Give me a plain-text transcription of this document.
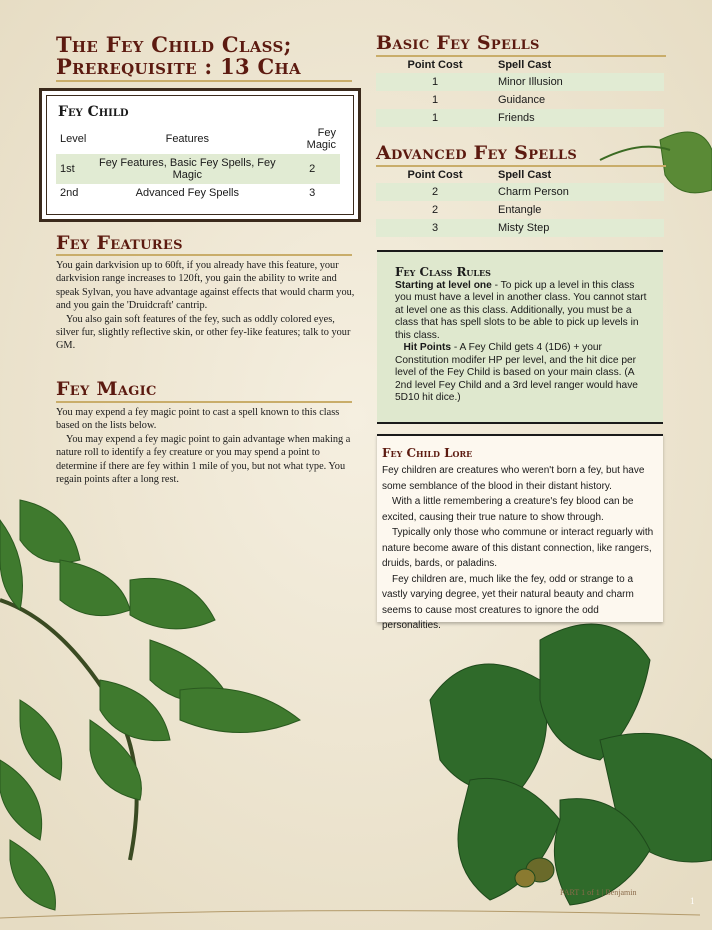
The Fey Child Class;
Prerequisite : 13 Cha
Fey Child
Level	Features	Fey Magic
1st	Fey Features, Basic Fey Spells, Fey Magic	2
2nd	Advanced Fey Spells	3
Fey Features

You gain darkvision up to 60ft, if you already have this feature, your darkvision range increases to 120ft, you gain the ability to write and speak Sylvan, you have advantage against effects that would charm you, and you gain the 'Druidcraft' cantrip.

You also gain soft features of the fey, such as oddly colored eyes, silver fur, slightly reflective skin, or other fey-like features; talk to your GM.

Fey Magic

You may expend a fey magic point to cast a spell known to this class based on the lists below.

You may expend a fey magic point to gain advantage when making a nature roll to identify a fey creature or you may spend a point to determine if there are fey within 1 mile of you, but not what type. You regain points after a long rest.

Basic Fey Spells
Point Cost	Spell Cast
1	Minor Illusion
1	Guidance
1	Friends
Advanced Fey Spells
Point Cost	Spell Cast
2	Charm Person
2	Entangle
3	Misty Step
Fey Class Rules
Starting at level one - To pick up a level in this class you must have a level in another class. You cannot start at level one as this class. Additionally, you must be a class that has spell slots to be able to pick up levels in this class.
Hit Points - A Fey Child gets 4 (1D6) + your Constitution modifer HP per level, and the hit dice per level of the Fey Child is based on your main class. (A 2nd level Fey Child and a 3rd level ranger would have 5D10 hit dice.)
Fey Child Lore

Fey children are creatures who weren't born a fey, but have some semblance of the blood in their distant history.

With a little remembering a creature's fey blood can be excited, causing their true nature to show through.

Typically only those who commune or interact reguarly with nature become aware of this distant connection, like rangers, druids, bards, or paladins.

Fey children are, much like the fey, odd or strange to a vastly varying degree, yet their natural beauty and charm seems to cause most creatures to ignore the odd personalities.

PART 1 of 1 | Benjamin
1
